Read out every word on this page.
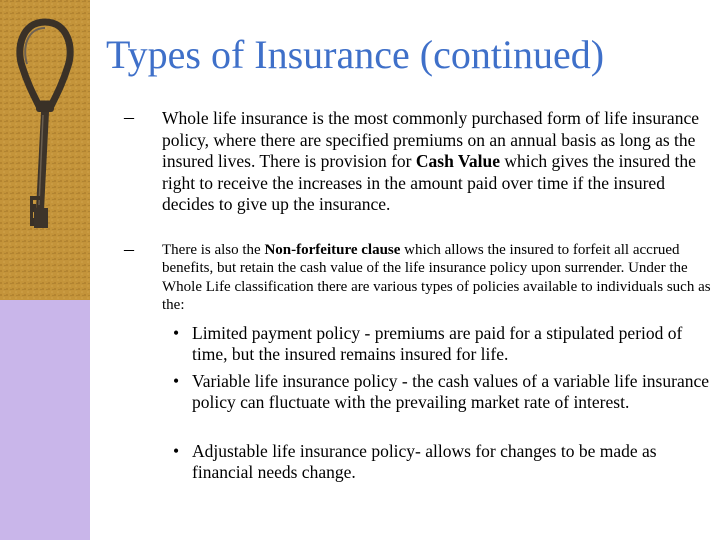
Types of Insurance (continued)
– Whole life insurance is the most commonly purchased form of life insurance policy, where there are specified premiums on an annual basis as long as the insured lives. There is provision for Cash Value which gives the insured the right to receive the increases in the amount paid over time if the insured decides to give up the insurance.

– There is also the Non-forfeiture clause which allows the insured to forfeit all accrued benefits, but retain the cash value of the life insurance policy upon surrender. Under the Whole Life classification there are various types of policies available to individuals such as the:

• Limited payment policy - premiums are paid for a stipulated period of time, but the insured remains insured for life.

• Variable life insurance policy - the cash values of a variable life insurance policy can fluctuate with the prevailing market rate of interest.

• Adjustable life insurance policy- allows for changes to be made as financial needs change.
